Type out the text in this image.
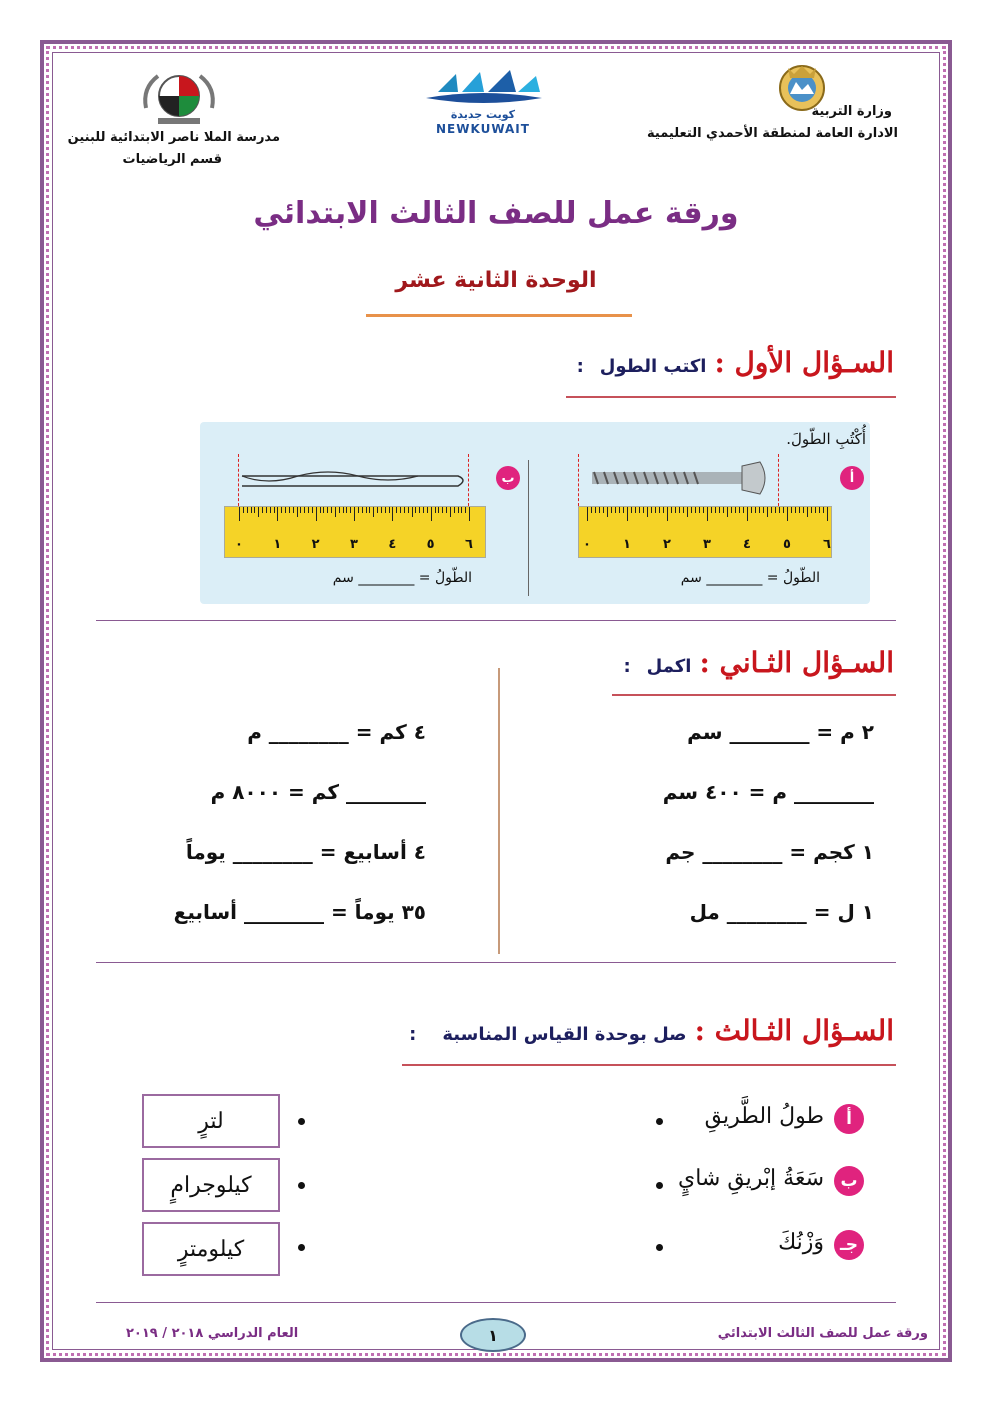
وزارة التربية
الادارة العامة لمنطقة الأحمدي التعليمية
كويت جديدة
NEWKUWAIT
مدرسة الملا ناصر الابتدائية للبنين
قسم الرياضيات
ورقة عمل للصف الثالث الابتدائي
الوحدة الثانية عشر
السـؤال الأول :
اكتب الطول
:
أُكْتُبِ الطّولَ.
أ
٠ ١ ٢ ٣ ٤ ٥ ٦
الطّولُ = ________ سم
ب
٠ ١ ٢ ٣ ٤ ٥ ٦
الطّولُ = ________ سم
السـؤال الثـاني :
اكمل
:
٢ م = ________ سم
________ م = ٤٠٠ سم
١ كجم = ________ جم
١ ل = ________ مل
٤ كم = ________ م
________ كم = ٨٠٠٠ م
٤ أسابيع = ________ يوماً
٣٥ يوماً = ________ أسابيع
السـؤال الثـالث :
صل بوحدة القياس المناسبة
:
أ
طولُ الطَّريقِ
ب
سَعَةُ إبْريقِ شايٍ
جـ
وَزْنُكَ
لترٍ
كيلوجرامٍ
كيلومترٍ
العام الدراسي ٢٠١٨ / ٢٠١٩	١	ورقة عمل للصف الثالث الابتدائي
